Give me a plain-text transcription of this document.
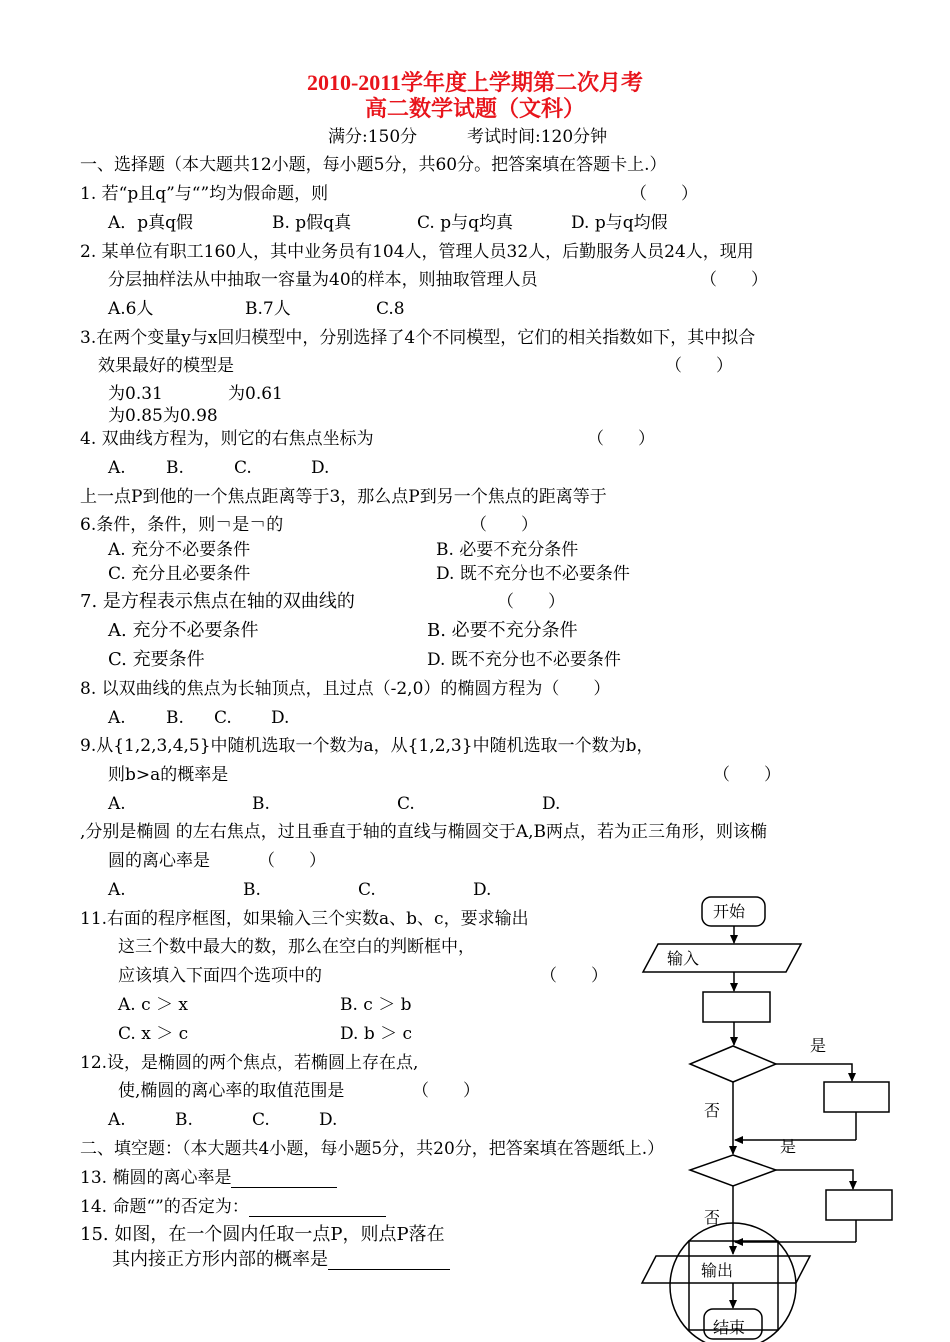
2010-2011学年度上学期第二次月考
高二数学试题（文科）
满分:150分	考试时间:120分钟
一、选择题（本大题共12小题，每小题5分，共60分。把答案填在答题卡上.）
1. 若“p且q”与“”均为假命题，则	（　　）
A．p真q假	B. p假q真	C. p与q均真	D. p与q均假
2. 某单位有职工160人，其中业务员有104人，管理人员32人，后勤服务人员24人，现用
分层抽样法从中抽取一容量为40的样本，则抽取管理人员	（　　）
A.6人	B.7人	C.8
3.在两个变量y与x回归模型中，分别选择了4个不同模型，它们的相关指数如下，其中拟合
效果最好的模型是	（　　）
为0.31	为0.61
为0.85为0.98
4. 双曲线方程为，则它的右焦点坐标为	（　　）
A. B.	C.	D.
上一点P到他的一个焦点距离等于3，那么点P到另一个焦点的距离等于
6.条件，条件，则￢是￢的	（　　）
A. 充分不必要条件	B. 必要不充分条件
C. 充分且必要条件	D. 既不充分也不必要条件
7. 是方程表示焦点在轴的双曲线的	（　　）
A. 充分不必要条件	B. 必要不充分条件
C. 充要条件	D. 既不充分也不必要条件
8. 以双曲线的焦点为长轴顶点，且过点（-2,0）的椭圆方程为（　　）
A. B. C. D.
9.从{1,2,3,4,5}中随机选取一个数为a，从{1,2,3}中随机选取一个数为b，
则b>a的概率是	（　　）
A.	B.	C.	D.
,分别是椭圆 的左右焦点，过且垂直于轴的直线与椭圆交于A,B两点，若为正三角形，则该椭
圆的离心率是	（　　）
A.	B.	C.	D.
11.右面的程序框图，如果输入三个实数a、b、c，要求输出
这三个数中最大的数，那么在空白的判断框中，
应该填入下面四个选项中的	（　　）
A. c ＞ x	B. c ＞ b
C. x ＞ c	D. b ＞ c
12.设，是椭圆的两个焦点，若椭圆上存在点,
使,椭圆的离心率的取值范围是	（　　）
A.	B.	C.	D.
二、填空题：（本大题共4小题，每小题5分，共20分，把答案填在答题纸上.）
13. 椭圆的离心率是
14. 命题“”的否定为：
15. 如图，在一个圆内任取一点P，则点P落在
其内接正方形内部的概率是
开始
输入
是
否
是
否
输出
结束
